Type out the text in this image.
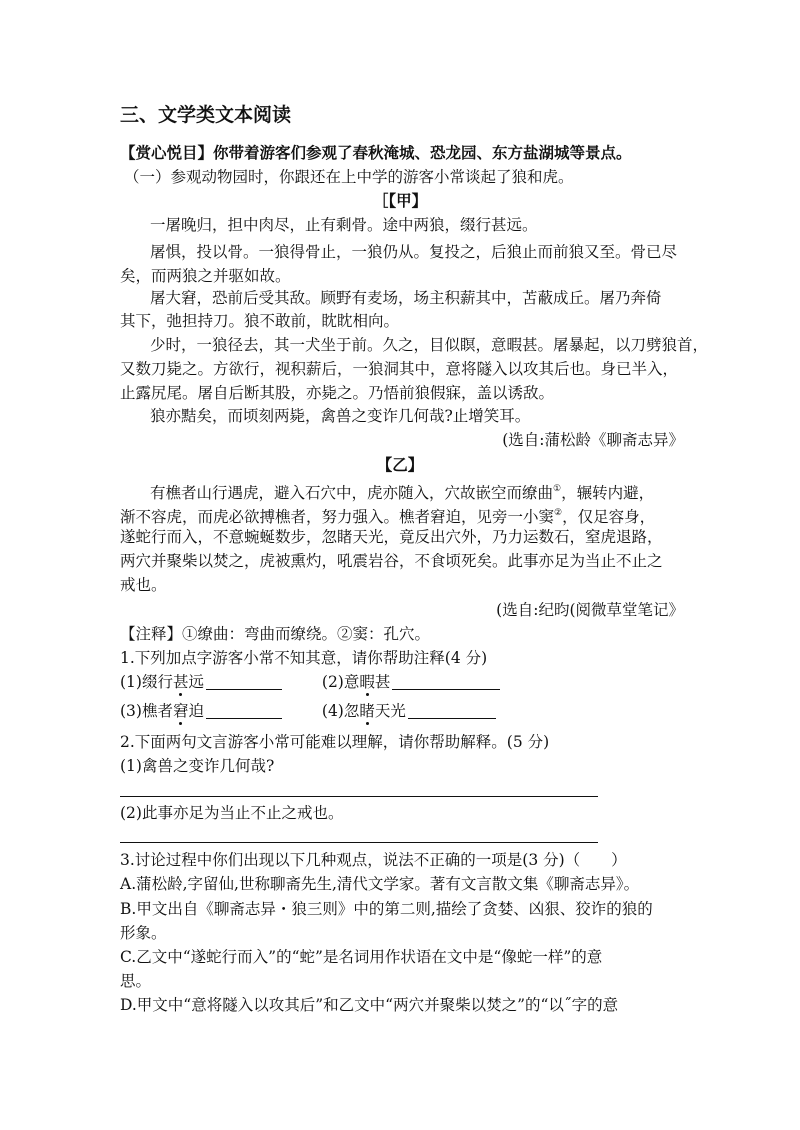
三、文学类文本阅读
【赏心悦目】你带着游客们参观了春秋淹城、恐龙园、东方盐湖城等景点。
（一）参观动物园时，你跟还在上中学的游客小常谈起了狼和虎。
［【甲】
一屠晚归，担中肉尽，止有剩骨。途中两狼，缀行甚远。
屠惧，投以骨。一狼得骨止，一狼仍从。复投之，后狼止而前狼又至。骨已尽
矣，而两狼之并驱如故。
屠大窘，恐前后受其敌。顾野有麦场，场主积薪其中，苫蔽成丘。屠乃奔倚
其下，弛担持刀。狼不敢前，眈眈相向。
少时，一狼径去，其一犬坐于前。久之，目似瞑，意暇甚。屠暴起，以刀劈狼首，
又数刀毙之。方欲行，视积薪后，一狼洞其中，意将隧入以攻其后也。身已半入，
止露尻尾。屠自后断其股，亦毙之。乃悟前狼假寐，盖以诱敌。
狼亦黠矣，而顷刻两毙，禽兽之变诈几何哉?止增笑耳。
(选自:蒲松龄《聊斋志异》
【乙】
有樵者山行遇虎，避入石穴中，虎亦随入，穴故嵌空而缭曲①，辗转内避，
渐不容虎，而虎必欲搏樵者，努力强入。樵者窘迫，见旁一小窦②，仅足容身，
遂蛇行而入，不意蜿蜒数步，忽睹天光，竟反出穴外，乃力运数石，窒虎退路，
两穴并聚柴以焚之，虎被熏灼，吼震岩谷，不食顷死矣。此事亦足为当止不止之
戒也。
(选自:纪昀(阅微草堂笔记》
【注释】①缭曲：弯曲而缭绕。②窦：孔穴。
1.下列加点字游客小常不知其意，请你帮助注释(4 分)
(1)缀行甚
远	(2)意暇
甚
(3)樵者窘
迫	(4)忽睹
天光
2.下面两句文言游客小常可能难以理解，请你帮助解释。(5 分)
(1)禽兽之变诈几何哉?
(2)此事亦足为当止不止之戒也。
3.讨论过程中你们出现以下几种观点，说法不正确的一项是(3 分)（　　）
A.蒲松龄,字留仙,世称聊斋先生,清代文学家。著有文言散文集《聊斋志异》。
B.甲文出自《聊斋志异・狼三则》中的第二则,描绘了贪婪、凶狠、狡诈的狼的
形象。
C.乙文中“遂蛇行而入”的“蛇”是名词用作状语在文中是“像蛇一样”的意
思。
D.甲文中“意将隧入以攻其后”和乙文中“两穴并聚柴以焚之”的“以˝字的意
